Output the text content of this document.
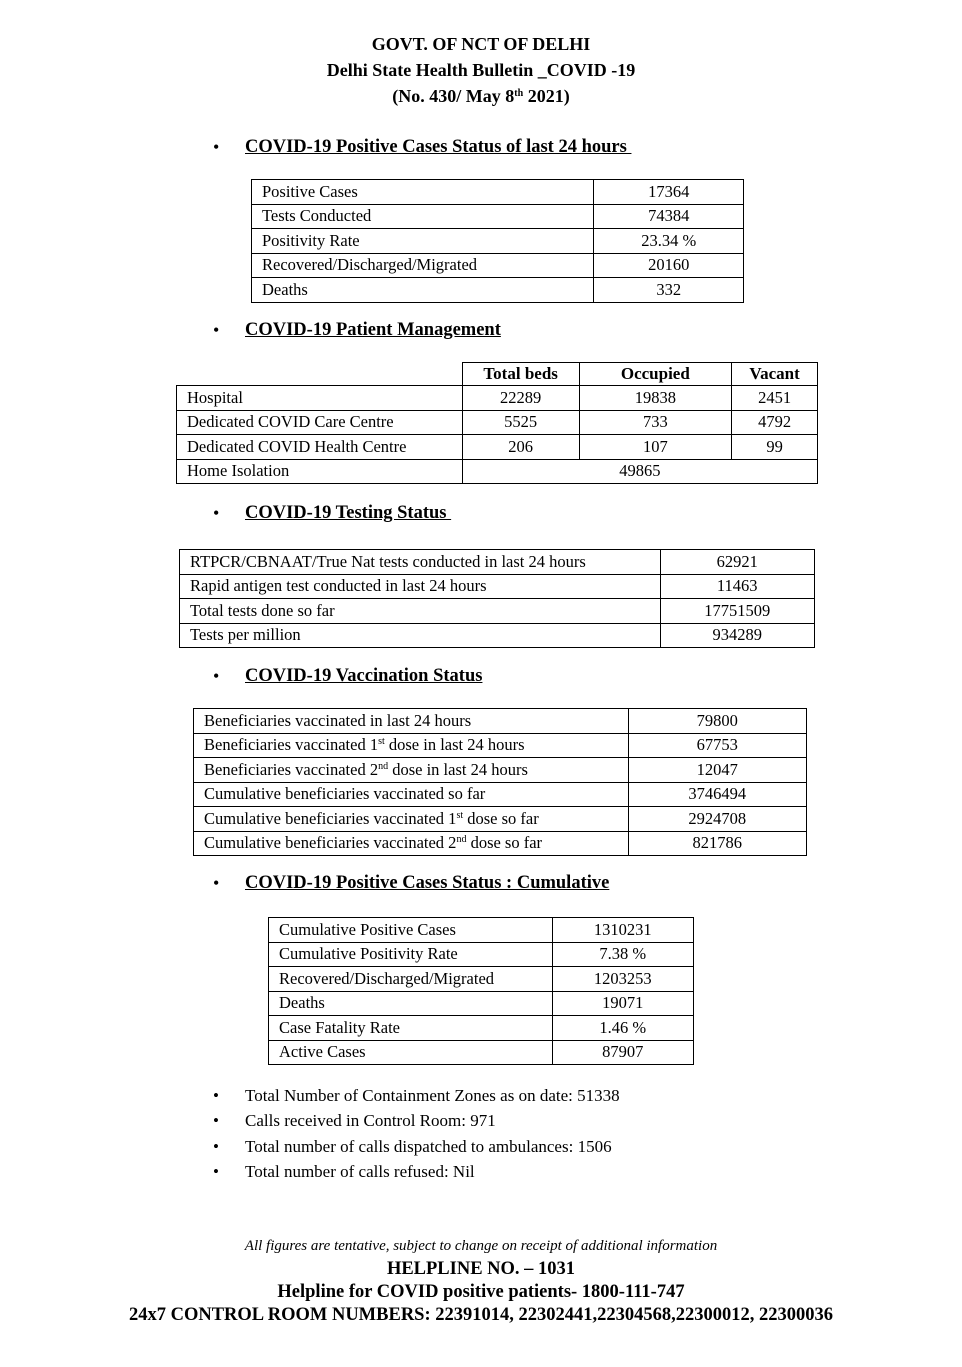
GOVT. OF NCT OF DELHI
Delhi State Health Bulletin _COVID -19
(No. 430/ May 8th 2021)
• COVID-19 Positive Cases Status of last 24 hours
Positive Cases	17364
Tests Conducted	74384
Positivity Rate	23.34 %
Recovered/Discharged/Migrated	20160
Deaths	332
• COVID-19 Patient Management
	Total beds	Occupied	Vacant
Hospital	22289	19838	2451
Dedicated COVID Care Centre	5525	733	4792
Dedicated COVID Health Centre	206	107	99
Home Isolation	49865		
• COVID-19 Testing Status
RTPCR/CBNAAT/True Nat tests conducted in last 24 hours	62921
Rapid antigen test conducted in last 24 hours	11463
Total tests done so far	17751509
Tests per million	934289
• COVID-19 Vaccination Status
Beneficiaries vaccinated in last 24 hours	79800
Beneficiaries vaccinated 1st dose in last 24 hours	67753
Beneficiaries vaccinated 2nd dose in last 24 hours	12047
Cumulative beneficiaries vaccinated so far	3746494
Cumulative beneficiaries vaccinated 1st dose so far	2924708
Cumulative beneficiaries vaccinated 2nd dose so far	821786
• COVID-19 Positive Cases Status : Cumulative
Cumulative Positive Cases	1310231
Cumulative Positivity Rate	7.38 %
Recovered/Discharged/Migrated	1203253
Deaths	19071
Case Fatality Rate	1.46 %
Active Cases	87907
• Total Number of Containment Zones as on date: 51338
• Calls received in Control Room: 971
• Total number of calls dispatched to ambulances: 1506
• Total number of calls refused: Nil
All figures are tentative, subject to change on receipt of additional information
HELPLINE NO. – 1031
Helpline for COVID positive patients- 1800-111-747
24x7 CONTROL ROOM NUMBERS: 22391014, 22302441,22304568,22300012, 22300036
